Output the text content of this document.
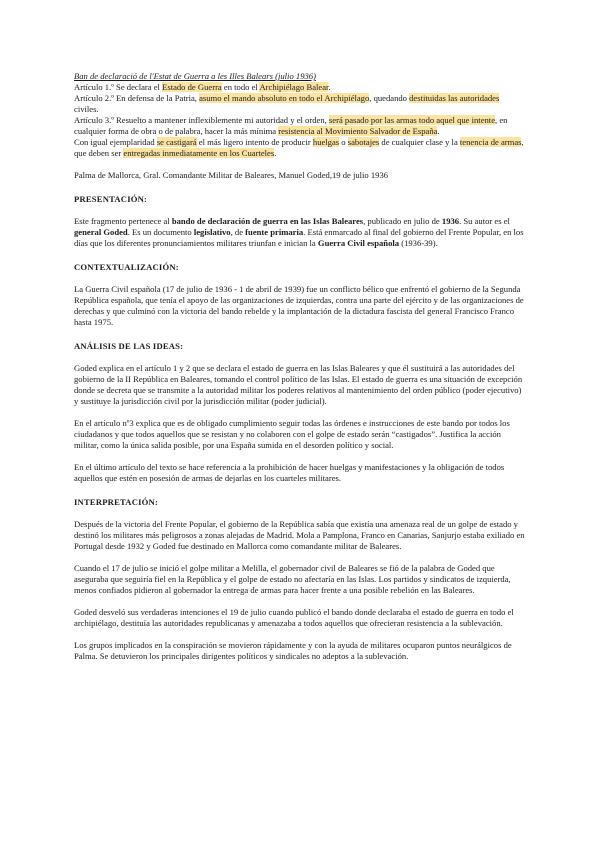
Ban de declaració de l'Estat de Guerra a les Illes Balears (julio 1936)

Artículo 1.º Se declara el Estado de Guerra en todo el Archipiélago Balear.

Artículo 2.º En defensa de la Patria, asumo el mando absoluto en todo el Archipiélago, quedando destituidas las autoridades civiles.

Artículo 3.º Resuelto a mantener inflexiblemente mi autoridad y el orden, será pasado por las armas todo aquel que intente, en cualquier forma de obra o de palabra, hacer la más mínima resistencia al Movimiento Salvador de España.

Con igual ejemplaridad se castigará el más ligero intento de producir huelgas o sabotajes de cualquier clase y la tenencia de armas, que deben ser entregadas inmediatamente en los Cuarteles.

Palma de Mallorca, Gral. Comandante Militar de Baleares, Manuel Goded,19 de julio 1936

PRESENTACIÓN:

Este fragmento pertenece al bando de declaración de guerra en las Islas Baleares, publicado en julio de 1936. Su autor es el general Goded. Es un documento legislativo, de fuente primaria. Está enmarcado al final del gobierno del Frente Popular, en los días que los diferentes pronunciamientos militares triunfan e inician la Guerra Civil española (1936-39).

CONTEXTUALIZACIÓN:

La Guerra Civil española (17 de julio de 1936 - 1 de abril de 1939) fue un conflicto bélico que enfrentó el gobierno de la Segunda República española, que tenía el apoyo de las organizaciones de izquierdas, contra una parte del ejército y de las organizaciones de derechas y que culminó con la victoria del bando rebelde y la implantación de la dictadura fascista del general Francisco Franco hasta 1975.

ANÁLISIS DE LAS IDEAS:

Goded explica en el artículo 1 y 2 que se declara el estado de guerra en las Islas Baleares y que él sustituirá a las autoridades del gobierno de la II República en Baleares, tomando el control político de las Islas. El estado de guerra es una situación de excepción donde se decreta que se transmite a la autoridad militar los poderes relativos al mantenimiento del orden público (poder ejecutivo) y sustituye la jurisdicción civil por la jurisdicción militar (poder judicial).

En el artículo nº3 explica que es de obligado cumplimiento seguir todas las órdenes e instrucciones de este bando por todos los ciudadanos y que todos aquellos que se resistan y no colaboren con el golpe de estado serán “castigados”. Justifica la acción militar, como la única salida posible, por una España sumida en el desorden político y social.

En el último artículo del texto se hace referencia a la prohibición de hacer huelgas y manifestaciones y la obligación de todos aquellos que estén en posesión de armas de dejarlas en los cuarteles militares.

INTERPRETACIÓN:

Después de la victoria del Frente Popular, el gobierno de la República sabía que existía una amenaza real de un golpe de estado y destinó los militares más peligrosos a zonas alejadas de Madrid. Mola a Pamplona, Franco en Canarias, Sanjurjo estaba exiliado en Portugal desde 1932 y Goded fue destinado en Mallorca como comandante militar de Baleares.

Cuando el 17 de julio se inició el golpe militar a Melilla, el gobernador civil de Baleares se fió de la palabra de Goded que aseguraba que seguiría fiel en la República y el golpe de estado no afectaría en las Islas. Los partidos y sindicatos de izquierda, menos confiados pidieron al gobernador la entrega de armas para hacer frente a una posible rebelión en las Baleares.

Goded desveló sus verdaderas intenciones el 19 de julio cuando publicó el bando donde declaraba el estado de guerra en todo el archipiélago, destituía las autoridades republicanas y amenazaba a todos aquellos que ofrecieran resistencia a la sublevación.

Los grupos implicados en la conspiración se movieron rápidamente y con la ayuda de militares ocuparon puntos neurálgicos de Palma. Se detuvieron los principales dirigentes políticos y sindicales no adeptos a la sublevación.
